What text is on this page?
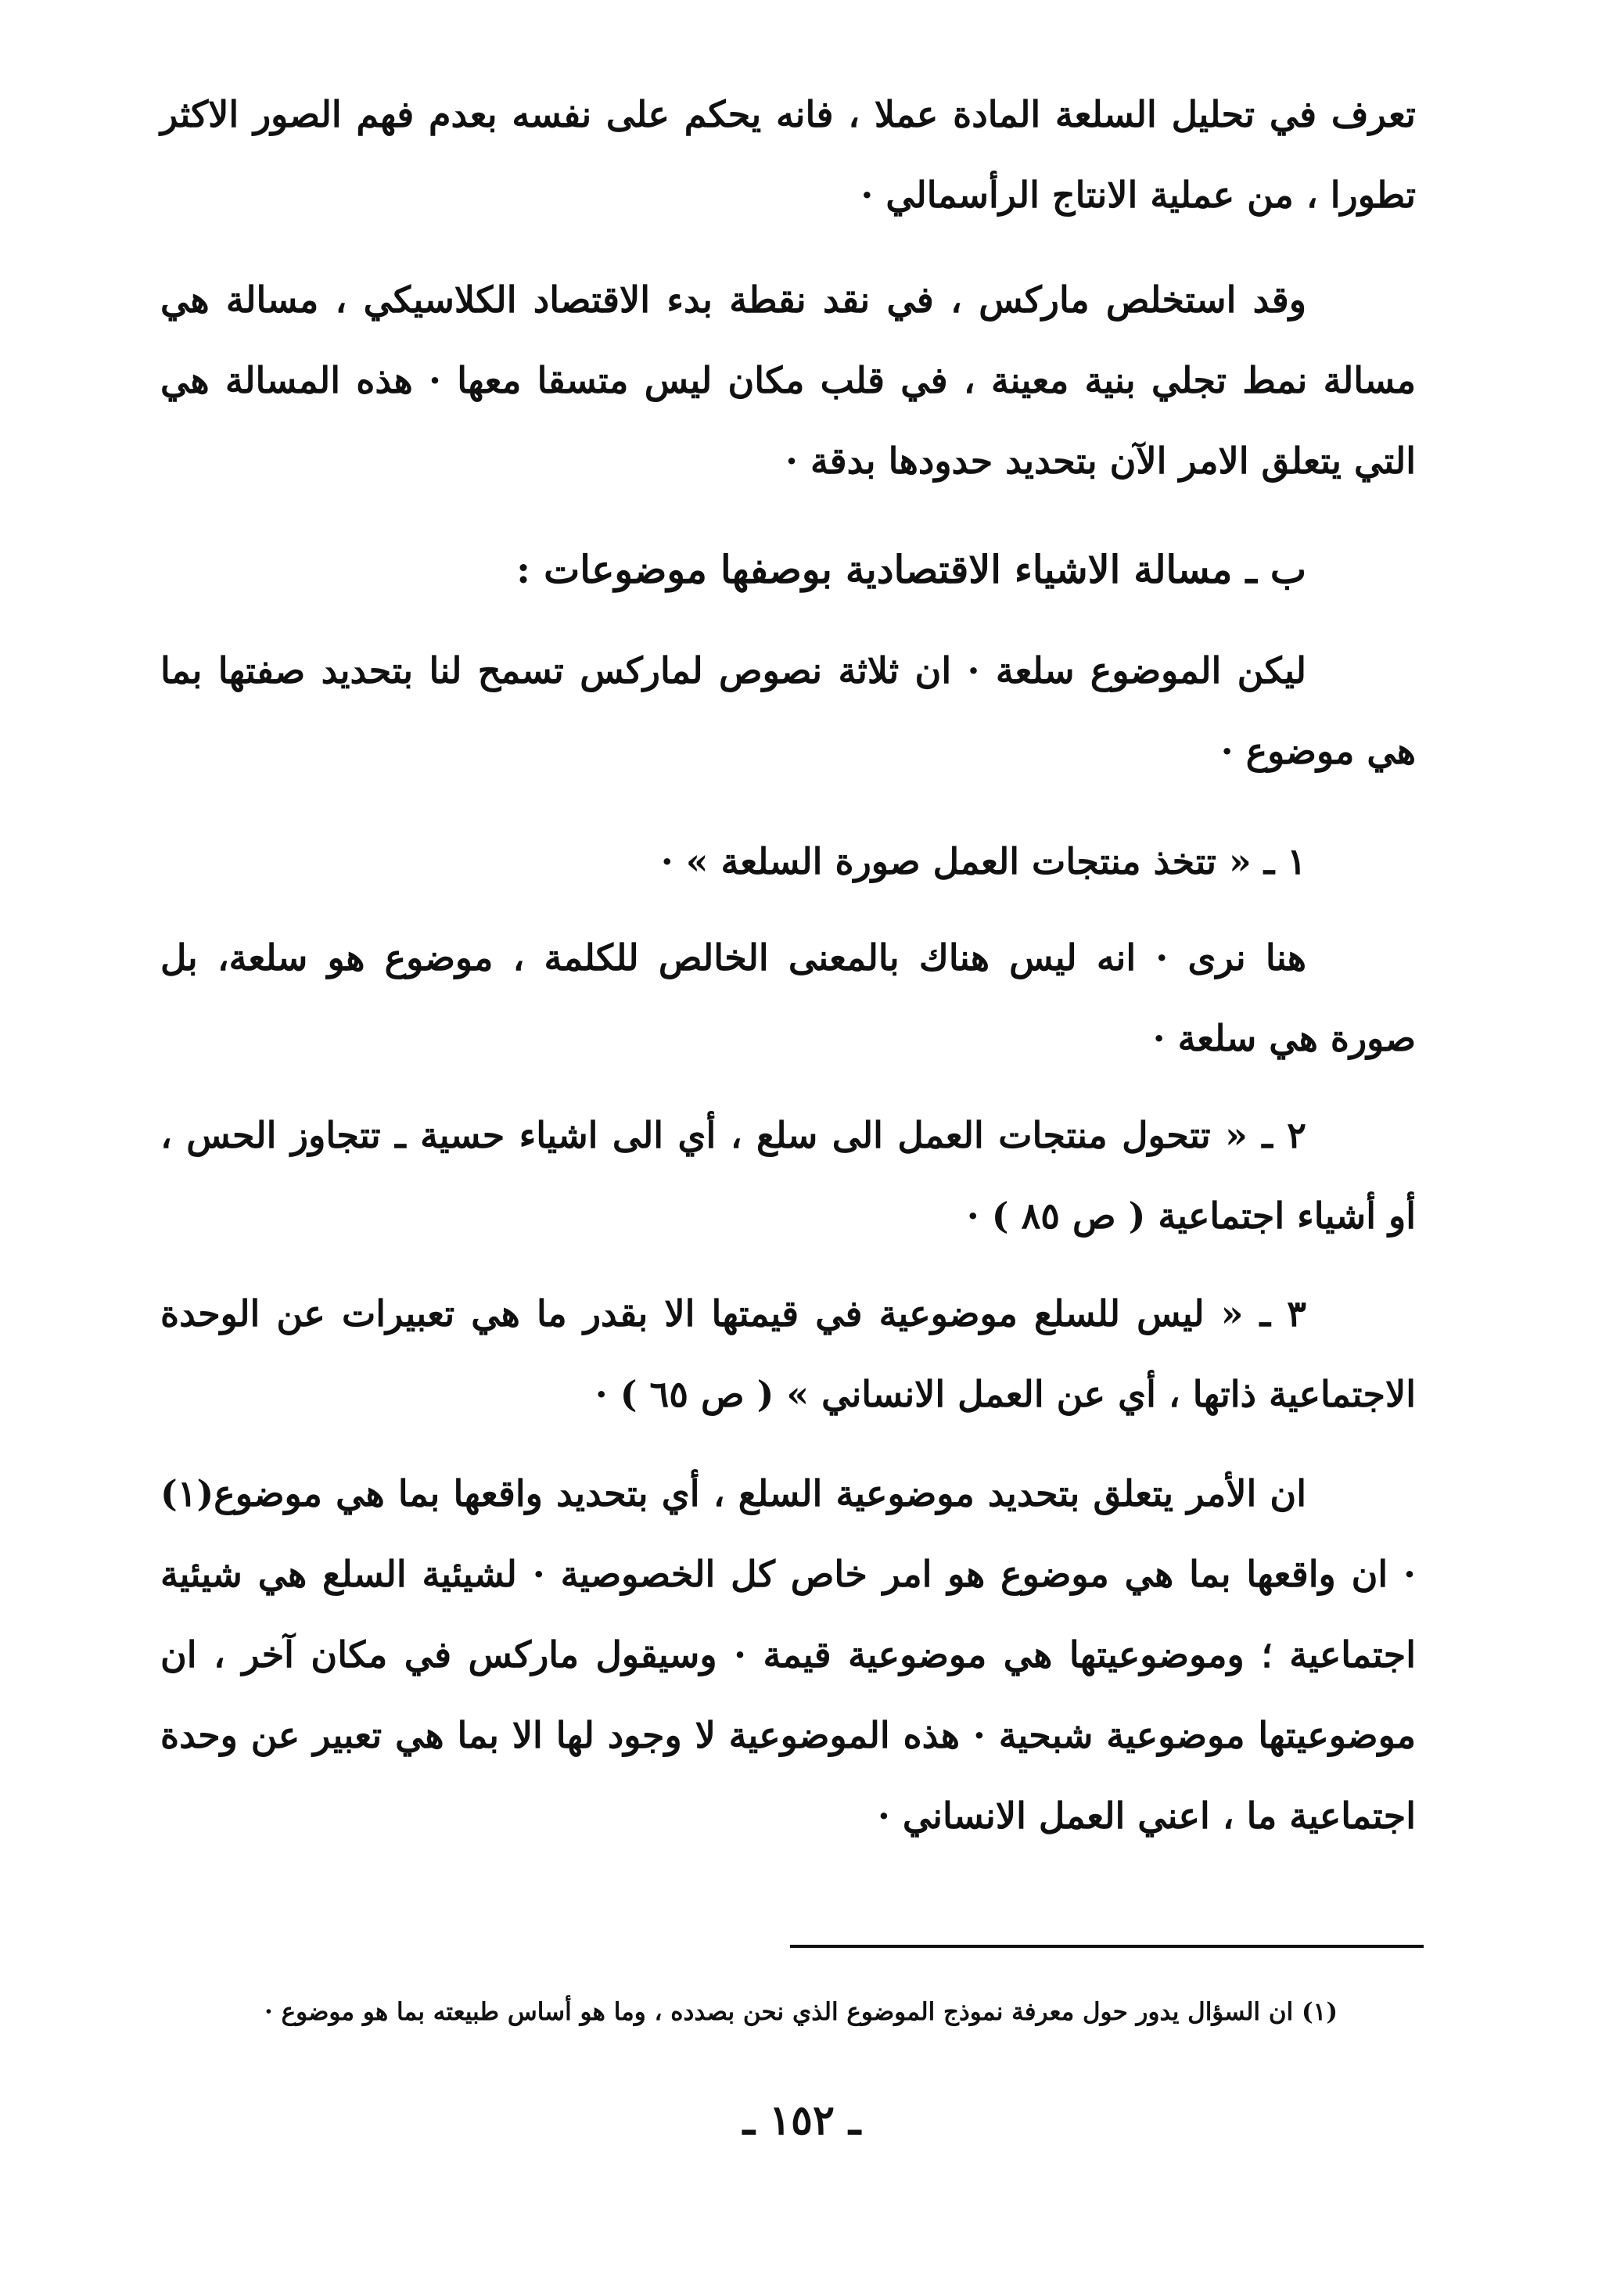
تعرف في تحليل السلعة المادة عملا ، فانه يحكم على نفسه بعدم فهم الصور الاكثر تطورا ، من عملية الانتاج الرأسمالي ·

وقد استخلص ماركس ، في نقد نقطة بدء الاقتصاد الكلاسيكي ، مسالة هي مسالة نمط تجلي بنية معينة ، في قلب مكان ليس متسقا معها · هذه المسالة هي التي يتعلق الامر الآن بتحديد حدودها بدقة ·

ب ـ مسالة الاشياء الاقتصادية بوصفها موضوعات :

ليكن الموضوع سلعة · ان ثلاثة نصوص لماركس تسمح لنا بتحديد صفتها بما هي موضوع ·

١ ـ « تتخذ منتجات العمل صورة السلعة » ·

هنا نرى · انه ليس هناك بالمعنى الخالص للكلمة ، موضوع هو سلعة، بل صورة هي سلعة ·

٢ ـ « تتحول منتجات العمل الى سلع ، أي الى اشياء حسية ـ تتجاوز الحس ، أو أشياء اجتماعية ( ص ٨٥ ) ·

٣ ـ « ليس للسلع موضوعية في قيمتها الا بقدر ما هي تعبيرات عن الوحدة الاجتماعية ذاتها ، أي عن العمل الانساني » ( ص ٦٥ ) ·

ان الأمر يتعلق بتحديد موضوعية السلع ، أي بتحديد واقعها بما هي موضوع(١) · ان واقعها بما هي موضوع هو امر خاص كل الخصوصية · لشيئية السلع هي شيئية اجتماعية ؛ وموضوعيتها هي موضوعية قيمة · وسيقول ماركس في مكان آخر ، ان موضوعيتها موضوعية شبحية · هذه الموضوعية لا وجود لها الا بما هي تعبير عن وحدة اجتماعية ما ، اعني العمل الانساني ·

(١) ان السؤال يدور حول معرفة نموذج الموضوع الذي نحن بصدده ، وما هو أساس طبيعته بما هو موضوع ·

ـ ١٥٢ ـ
